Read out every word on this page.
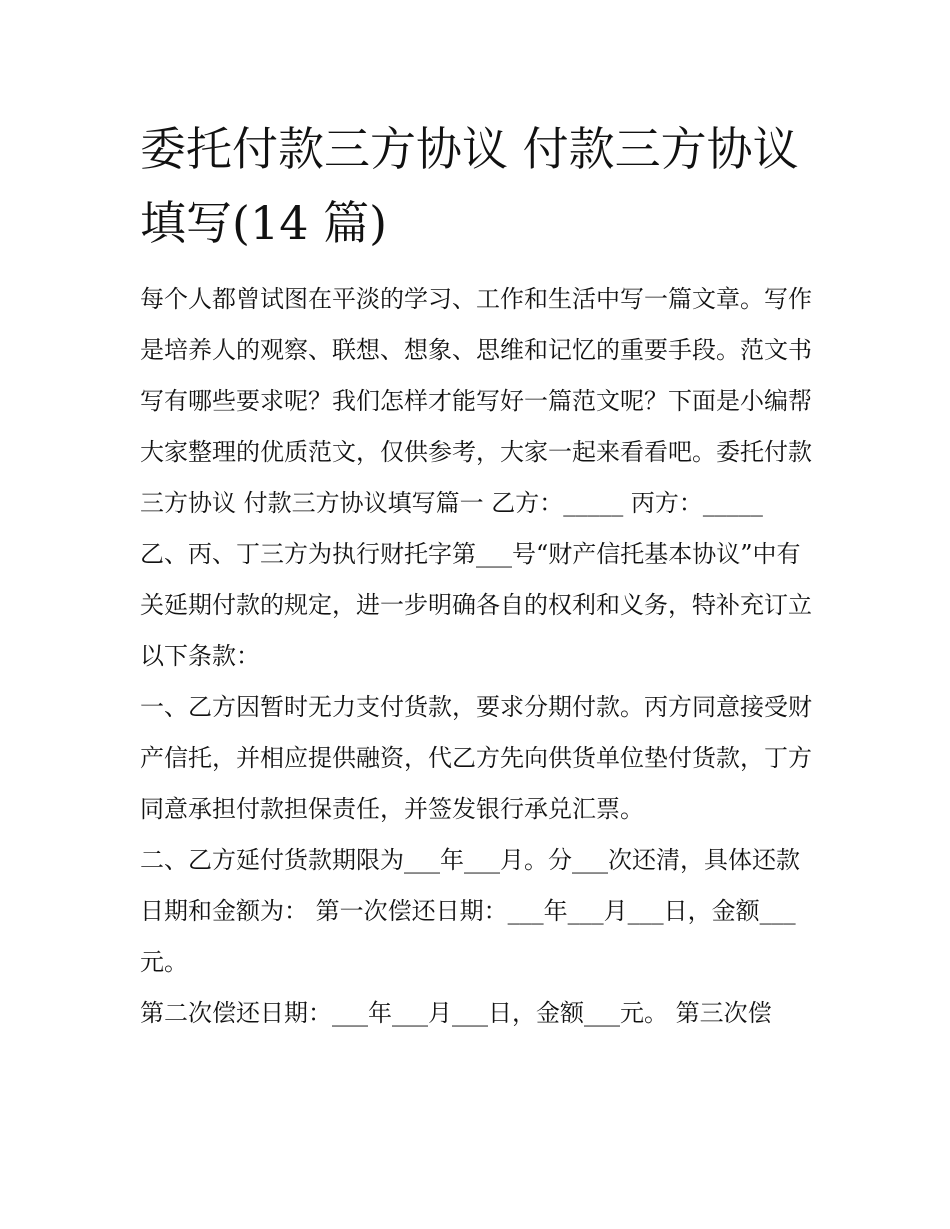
委托付款三方协议 付款三方协议填写(14 篇)

每个人都曾试图在平淡的学习、工作和生活中写一篇文章。写作是培养人的观察、联想、想象、思维和记忆的重要手段。范文书写有哪些要求呢？我们怎样才能写好一篇范文呢？下面是小编帮大家整理的优质范文，仅供参考，大家一起来看看吧。委托付款三方协议 付款三方协议填写篇一 乙方：_____ 丙方：_____

乙、丙、丁三方为执行财托字第___号“财产信托基本协议”中有关延期付款的规定，进一步明确各自的权利和义务，特补充订立以下条款：

一、乙方因暂时无力支付货款，要求分期付款。丙方同意接受财产信托，并相应提供融资，代乙方先向供货单位垫付货款，丁方同意承担付款担保责任，并签发银行承兑汇票。

二、乙方延付货款期限为___年___月。分___次还清，具体还款日期和金额为： 第一次偿还日期：___年___月___日，金额___元。

第二次偿还日期：___年___月___日，金额___元。 第三次偿
